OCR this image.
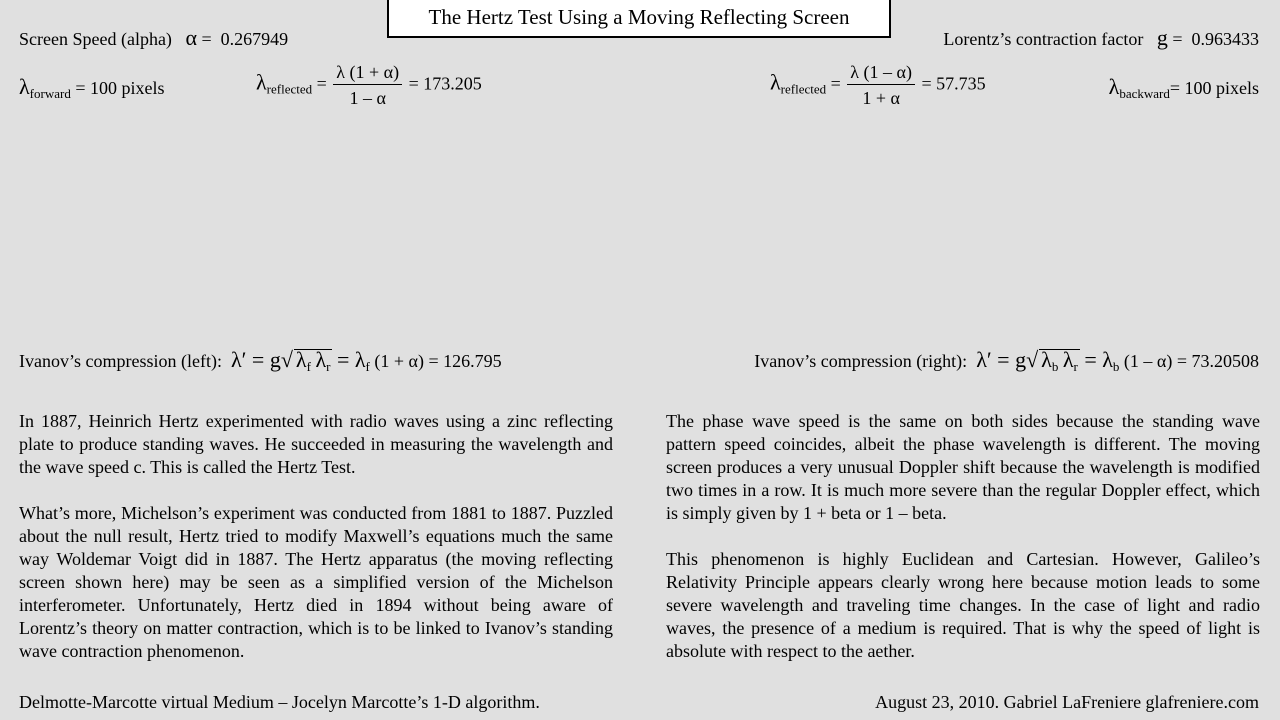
The Hertz Test Using a Moving Reflecting Screen
Screen Speed (alpha) α = 0.267949	Lorentz’s contraction factor g = 0.963433
$\lambda_{forward} = 100$ pixels	$\lambda_{reflected} = \frac{\lambda (1 + \alpha)}{1 - \alpha} = 173.205$	$\lambda_{reflected} = \frac{\lambda (1 - \alpha)}{1 + \alpha} = 57.735$	$\lambda_{backward}= 100$ pixels
Ivanov’s compression (left): λ′ = g√ $\lambda_f$ $\lambda_r = \lambda_f$ (1 + α) = 126.795	Ivanov’s compression (right): λ′ = g√ $\lambda_b$ $\lambda_r = \lambda_b$ (1 – α) = 73.20508

In 1887, Heinrich Hertz experimented with radio waves using a zinc reflecting plate to produce standing waves. He succeeded in measuring the wavelength and the wave speed c. This is called the Hertz Test.

What’s more, Michelson’s experiment was conducted from 1881 to 1887. Puzzled about the null result, Hertz tried to modify Maxwell’s equations much the same way Woldemar Voigt did in 1887. The Hertz apparatus (the moving reflecting screen shown here) may be seen as a simplified version of the Michelson interferometer. Unfortunately, Hertz died in 1894 without being aware of Lorentz’s theory on matter contraction, which is to be linked to Ivanov’s standing wave contraction phenomenon.

The phase wave speed is the same on both sides because the standing wave pattern speed coincides, albeit the phase wavelength is different. The moving screen produces a very unusual Doppler shift because the wavelength is modified two times in a row. It is much more severe than the regular Doppler effect, which is simply given by 1 + beta or 1 – beta.

This phenomenon is highly Euclidean and Cartesian. However, Galileo’s Relativity Principle appears clearly wrong here because motion leads to some severe wavelength and traveling time changes. In the case of light and radio waves, the presence of a medium is required. That is why the speed of light is absolute with respect to the aether.

Delmotte-Marcotte virtual Medium – Jocelyn Marcotte’s 1-D algorithm.	August 23, 2010. Gabriel LaFreniere glafreniere.com
